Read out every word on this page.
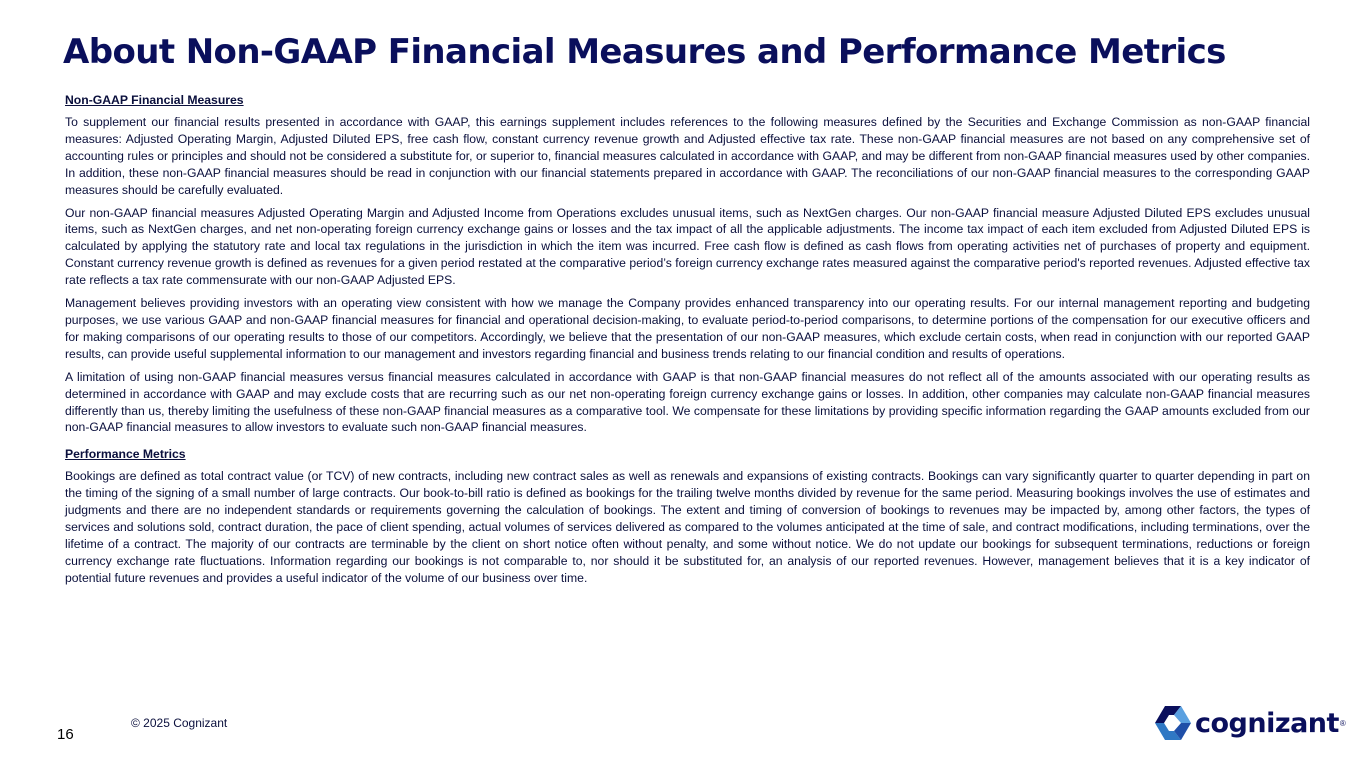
About Non-GAAP Financial Measures and Performance Metrics
Non-GAAP Financial Measures

To supplement our financial results presented in accordance with GAAP, this earnings supplement includes references to the following measures defined by the Securities and Exchange Commission as non-GAAP financial measures: Adjusted Operating Margin, Adjusted Diluted EPS, free cash flow, constant currency revenue growth and Adjusted effective tax rate. These non-GAAP financial measures are not based on any comprehensive set of accounting rules or principles and should not be considered a substitute for, or superior to, financial measures calculated in accordance with GAAP, and may be different from non-GAAP financial measures used by other companies. In addition, these non-GAAP financial measures should be read in conjunction with our financial statements prepared in accordance with GAAP. The reconciliations of our non-GAAP financial measures to the corresponding GAAP measures should be carefully evaluated.

Our non-GAAP financial measures Adjusted Operating Margin and Adjusted Income from Operations excludes unusual items, such as NextGen charges. Our non-GAAP financial measure Adjusted Diluted EPS excludes unusual items, such as NextGen charges, and net non-operating foreign currency exchange gains or losses and the tax impact of all the applicable adjustments. The income tax impact of each item excluded from Adjusted Diluted EPS is calculated by applying the statutory rate and local tax regulations in the jurisdiction in which the item was incurred. Free cash flow is defined as cash flows from operating activities net of purchases of property and equipment. Constant currency revenue growth is defined as revenues for a given period restated at the comparative period’s foreign currency exchange rates measured against the comparative period's reported revenues. Adjusted effective tax rate reflects a tax rate commensurate with our non-GAAP Adjusted EPS.

Management believes providing investors with an operating view consistent with how we manage the Company provides enhanced transparency into our operating results. For our internal management reporting and budgeting purposes, we use various GAAP and non-GAAP financial measures for financial and operational decision-making, to evaluate period-to-period comparisons, to determine portions of the compensation for our executive officers and for making comparisons of our operating results to those of our competitors. Accordingly, we believe that the presentation of our non-GAAP measures, which exclude certain costs, when read in conjunction with our reported GAAP results, can provide useful supplemental information to our management and investors regarding financial and business trends relating to our financial condition and results of operations.

A limitation of using non-GAAP financial measures versus financial measures calculated in accordance with GAAP is that non-GAAP financial measures do not reflect all of the amounts associated with our operating results as determined in accordance with GAAP and may exclude costs that are recurring such as our net non-operating foreign currency exchange gains or losses. In addition, other companies may calculate non-GAAP financial measures differently than us, thereby limiting the usefulness of these non-GAAP financial measures as a comparative tool. We compensate for these limitations by providing specific information regarding the GAAP amounts excluded from our non-GAAP financial measures to allow investors to evaluate such non-GAAP financial measures.

Performance Metrics

Bookings are defined as total contract value (or TCV) of new contracts, including new contract sales as well as renewals and expansions of existing contracts. Bookings can vary significantly quarter to quarter depending in part on the timing of the signing of a small number of large contracts. Our book-to-bill ratio is defined as bookings for the trailing twelve months divided by revenue for the same period. Measuring bookings involves the use of estimates and judgments and there are no independent standards or requirements governing the calculation of bookings. The extent and timing of conversion of bookings to revenues may be impacted by, among other factors, the types of services and solutions sold, contract duration, the pace of client spending, actual volumes of services delivered as compared to the volumes anticipated at the time of sale, and contract modifications, including terminations, over the lifetime of a contract. The majority of our contracts are terminable by the client on short notice often without penalty, and some without notice. We do not update our bookings for subsequent terminations, reductions or foreign currency exchange rate fluctuations. Information regarding our bookings is not comparable to, nor should it be substituted for, an analysis of our reported revenues. However, management believes that it is a key indicator of potential future revenues and provides a useful indicator of the volume of our business over time.

16
© 2025 Cognizant	cognizant ®
